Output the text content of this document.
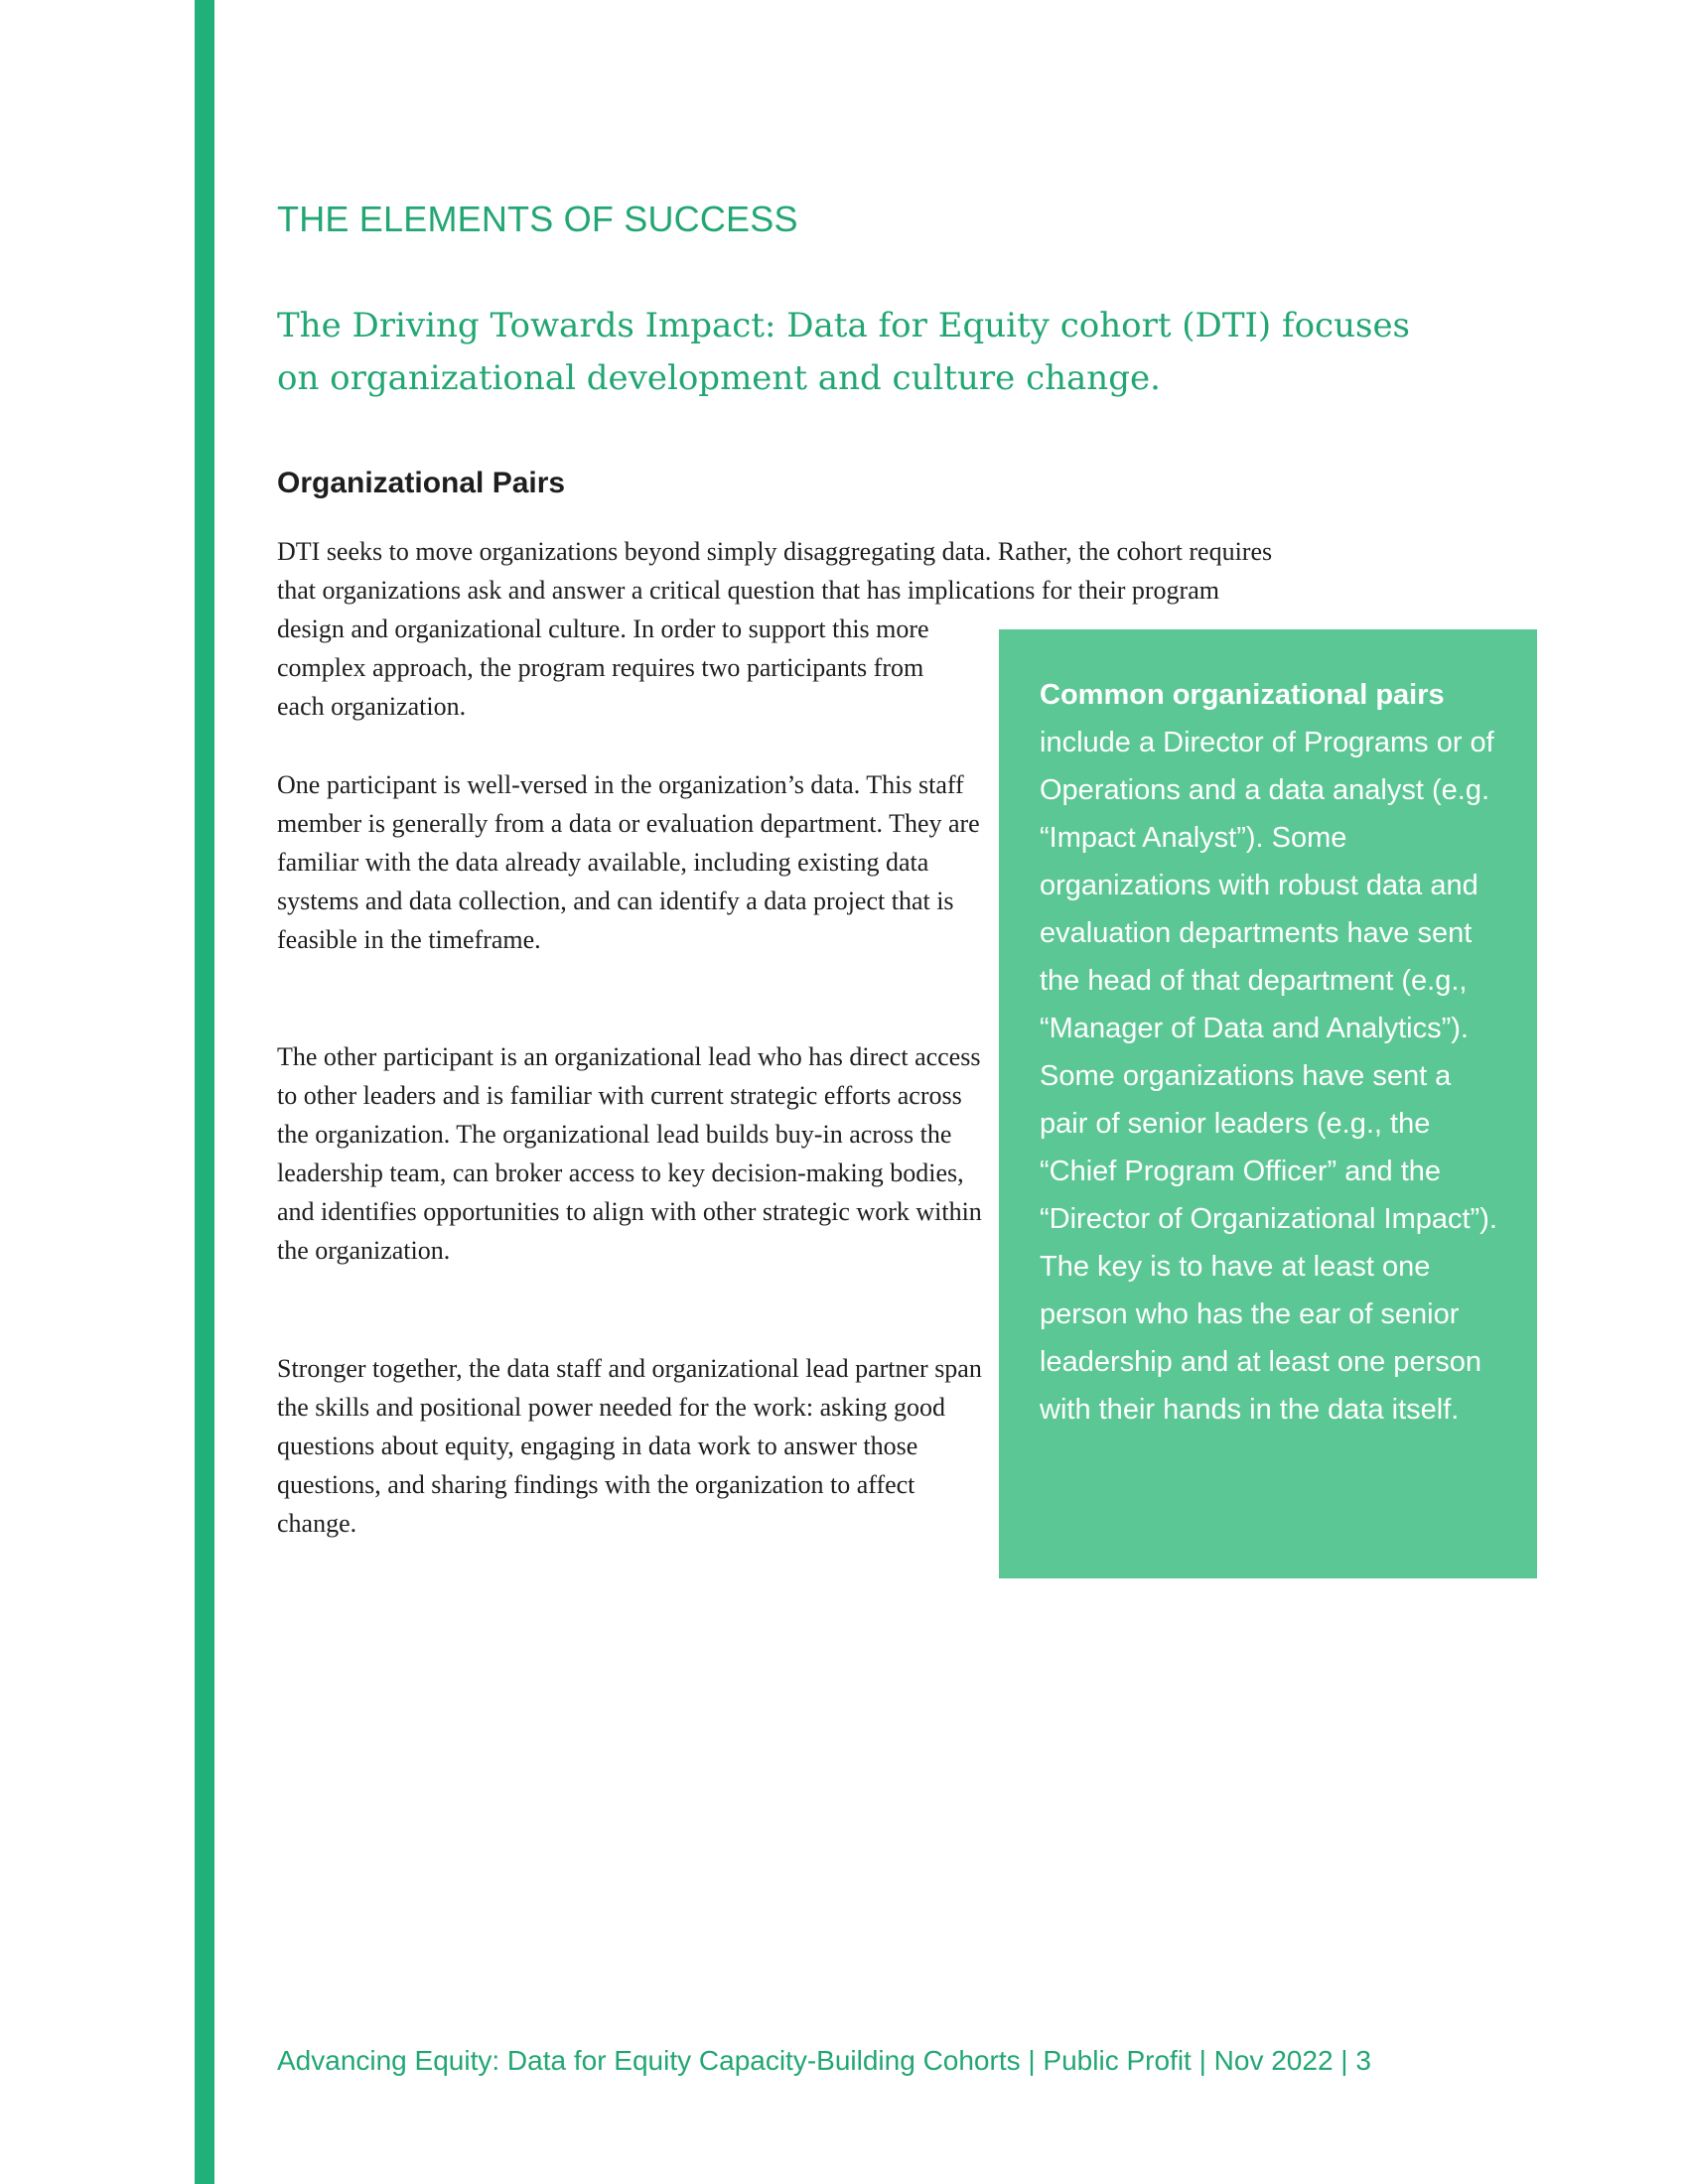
THE ELEMENTS OF SUCCESS

The Driving Towards Impact: Data for Equity cohort (DTI) focuses on organizational development and culture change.

Organizational Pairs

DTI seeks to move organizations beyond simply disaggregating data. Rather, the cohort requires
that organizations ask and answer a critical question that has implications for their program
design and organizational culture. In order to support this more complex approach, the program requires two participants from each organization.

One participant is well-versed in the organization’s data. This staff member is generally from a data or evaluation department. They are familiar with the data already available, including existing data systems and data collection, and can identify a data project that is feasible in the timeframe.

The other participant is an organizational lead who has direct access to other leaders and is familiar with current strategic efforts across the organization. The organizational lead builds buy-in across the leadership team, can broker access to key decision-making bodies, and identifies opportunities to align with other strategic work within the organization.

Stronger together, the data staff and organizational lead partner span the skills and positional power needed for the work: asking good questions about equity, engaging in data work to answer those questions, and sharing findings with the organization to affect change.

Common organizational pairs include a Director of Programs or of Operations and a data analyst (e.g. “Impact Analyst”). Some organizations with robust data and evaluation departments have sent the head of that department (e.g., “Manager of Data and Analytics”). Some organizations have sent a pair of senior leaders (e.g., the “Chief Program Officer” and the “Director of Organizational Impact”). The key is to have at least one person who has the ear of senior leadership and at least one person with their hands in the data itself.

Advancing Equity: Data for Equity Capacity-Building Cohorts | Public Profit | Nov 2022 | 3
